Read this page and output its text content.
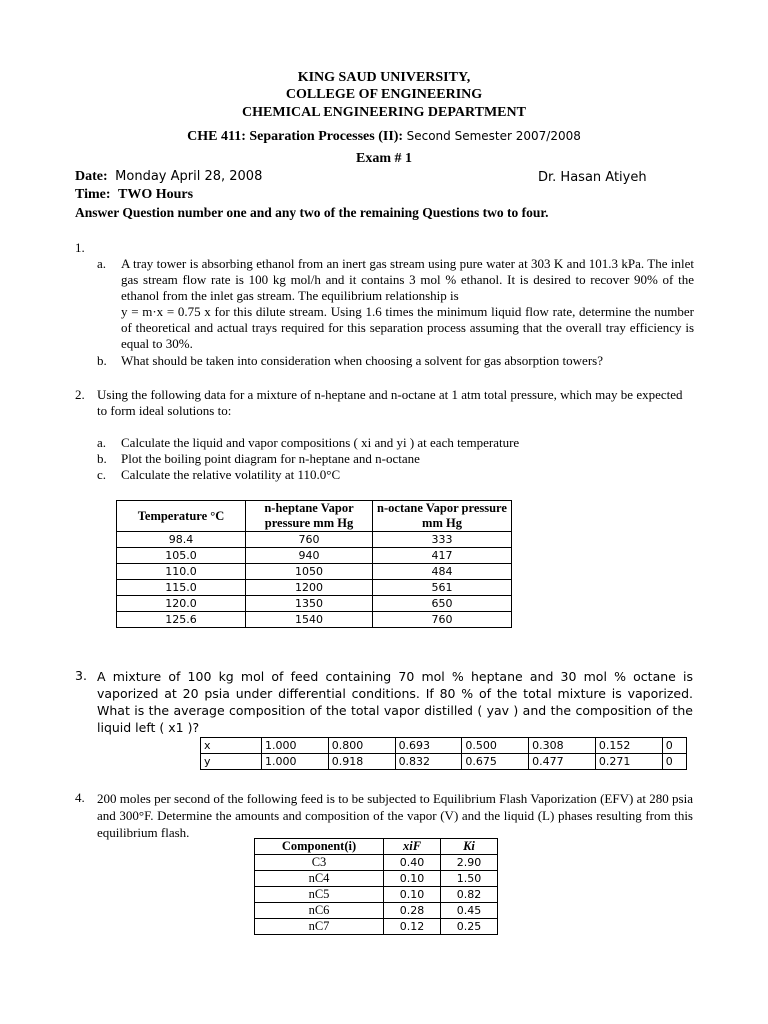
KING SAUD UNIVERSITY,
COLLEGE OF ENGINEERING
CHEMICAL ENGINEERING DEPARTMENT
CHE 411: Separation Processes (II): Second Semester 2007/2008
Exam # 1
Date: Monday April 28, 2008	Dr. Hasan Atiyeh
Time: TWO Hours
Answer Question number one and any two of the remaining Questions two to four.
1.
a. A tray tower is absorbing ethanol from an inert gas stream using pure water at 303 K and 101.3 kPa. The inlet gas stream flow rate is 100 kg mol/h and it contains 3 mol % ethanol. It is desired to recover 90% of the ethanol from the inlet gas stream. The equilibrium relationship is
y = m·x = 0.75 x for this dilute stream. Using 1.6 times the minimum liquid flow rate, determine the number of theoretical and actual trays required for this separation process assuming that the overall tray efficiency is equal to 30%.
b. What should be taken into consideration when choosing a solvent for gas absorption towers?
2. Using the following data for a mixture of n-heptane and n-octane at 1 atm total pressure, which may be expected to form ideal solutions to:
a. Calculate the liquid and vapor compositions ( xi and yi ) at each temperature
b. Plot the boiling point diagram for n-heptane and n-octane
c. Calculate the relative volatility at 110.0°C
Temperature °C	n-heptane Vapor pressure mm Hg	n-octane Vapor pressure mm Hg
98.4	760	333
105.0	940	417
110.0	1050	484
115.0	1200	561
120.0	1350	650
125.6	1540	760
3. A mixture of 100 kg mol of feed containing 70 mol % heptane and 30 mol % octane is vaporized at 20 psia under differential conditions. If 80 % of the total mixture is vaporized. What is the average composition of the total vapor distilled ( yav ) and the composition of the liquid left ( x1 )?
x	1.000	0.800	0.693	0.500	0.308	0.152	0
y	1.000	0.918	0.832	0.675	0.477	0.271	0
4. 200 moles per second of the following feed is to be subjected to Equilibrium Flash Vaporization (EFV) at 280 psia and 300°F. Determine the amounts and composition of the vapor (V) and the liquid (L) phases resulting from this equilibrium flash.
Component(i)	xiF	Ki
C3	0.40	2.90
nC4	0.10	1.50
nC5	0.10	0.82
nC6	0.28	0.45
nC7	0.12	0.25
